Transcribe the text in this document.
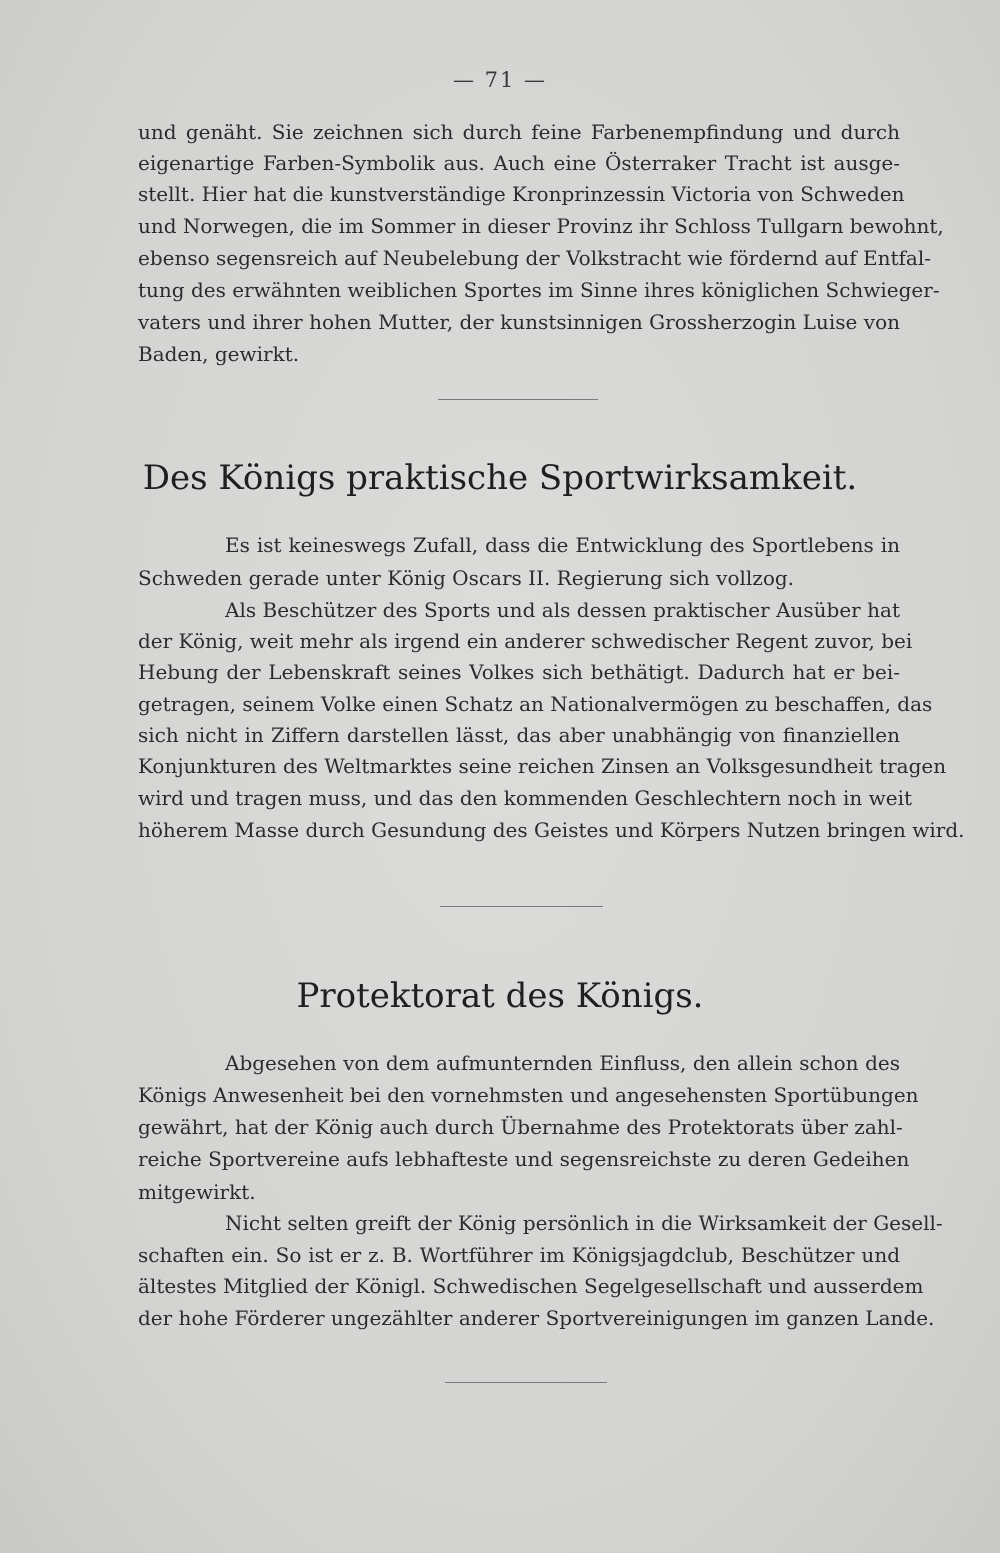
— 71 —
und genäht. Sie zeichnen sich durch feine Farbenempfindung und durch
eigenartige Farben-Symbolik aus. Auch eine Österraker Tracht ist ausge-
stellt. Hier hat die kunstverständige Kronprinzessin Victoria von Schweden
und Norwegen, die im Sommer in dieser Provinz ihr Schloss Tullgarn bewohnt,
ebenso segensreich auf Neubelebung der Volkstracht wie fördernd auf Entfal-
tung des erwähnten weiblichen Sportes im Sinne ihres königlichen Schwieger-
vaters und ihrer hohen Mutter, der kunstsinnigen Grossherzogin Luise von
Baden, gewirkt.
Des Königs praktische Sportwirksamkeit.
Es ist keineswegs Zufall, dass die Entwicklung des Sportlebens in
Schweden gerade unter König Oscars II. Regierung sich vollzog.
Als Beschützer des Sports und als dessen praktischer Ausüber hat
der König, weit mehr als irgend ein anderer schwedischer Regent zuvor, bei
Hebung der Lebenskraft seines Volkes sich bethätigt. Dadurch hat er bei-
getragen, seinem Volke einen Schatz an Nationalvermögen zu beschaffen, das
sich nicht in Ziffern darstellen lässt, das aber unabhängig von finanziellen
Konjunkturen des Weltmarktes seine reichen Zinsen an Volksgesundheit tragen
wird und tragen muss, und das den kommenden Geschlechtern noch in weit
höherem Masse durch Gesundung des Geistes und Körpers Nutzen bringen wird.
Protektorat des Königs.
Abgesehen von dem aufmunternden Einfluss, den allein schon des
Königs Anwesenheit bei den vornehmsten und angesehensten Sportübungen
gewährt, hat der König auch durch Übernahme des Protektorats über zahl-
reiche Sportvereine aufs lebhafteste und segensreichste zu deren Gedeihen
mitgewirkt.
Nicht selten greift der König persönlich in die Wirksamkeit der Gesell-
schaften ein. So ist er z. B. Wortführer im Königsjagdclub, Beschützer und
ältestes Mitglied der Königl. Schwedischen Segelgesellschaft und ausserdem
der hohe Förderer ungezählter anderer Sportvereinigungen im ganzen Lande.
